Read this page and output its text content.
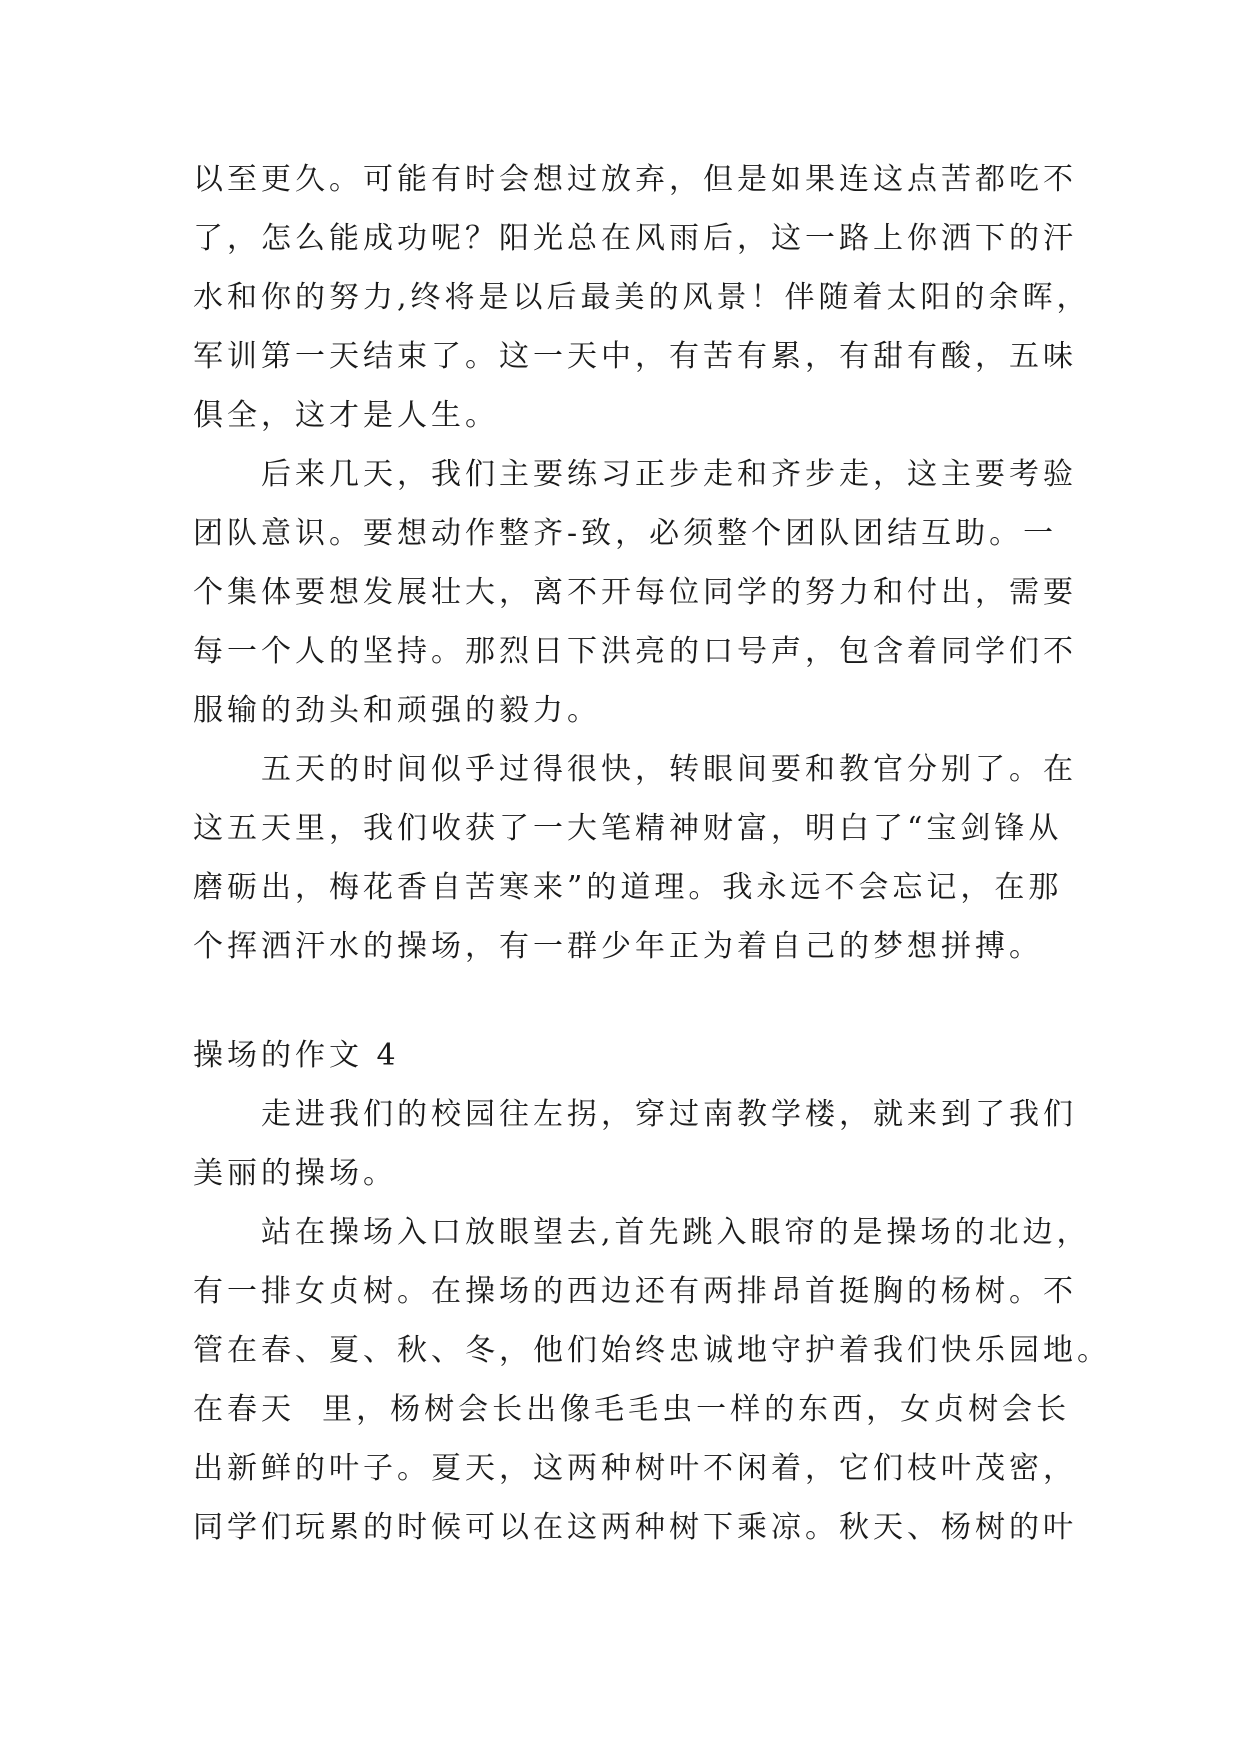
以至更久。可能有时会想过放弃，但是如果连这点苦都吃不
了，怎么能成功呢？阳光总在风雨后，这一路上你洒下的汗
水和你的努力,终将是以后最美的风景！伴随着太阳的余晖，
军训第一天结束了。这一天中，有苦有累，有甜有酸，五味
俱全，这才是人生。
　　后来几天，我们主要练习正步走和齐步走，这主要考验
团队意识。要想动作整齐-致，必须整个团队团结互助。一
个集体要想发展壮大，离不开每位同学的努力和付出，需要
每一个人的坚持。那烈日下洪亮的口号声，包含着同学们不
服输的劲头和顽强的毅力。
　　五天的时间似乎过得很快，转眼间要和教官分别了。在
这五天里，我们收获了一大笔精神财富，明白了“宝剑锋从
磨砺出，梅花香自苦寒来”的道理。我永远不会忘记，在那
个挥洒汗水的操场，有一群少年正为着自己的梦想拼搏。
操场的作文 4
　　走进我们的校园往左拐，穿过南教学楼，就来到了我们
美丽的操场。
　　站在操场入口放眼望去,首先跳入眼帘的是操场的北边，
有一排女贞树。在操场的西边还有两排昂首挺胸的杨树。不
管在春、夏、秋、冬，他们始终忠诚地守护着我们快乐园地。
在春天  里，杨树会长出像毛毛虫一样的东西，女贞树会长
出新鲜的叶子。夏天，这两种树叶不闲着，它们枝叶茂密，
同学们玩累的时候可以在这两种树下乘凉。秋天、杨树的叶
